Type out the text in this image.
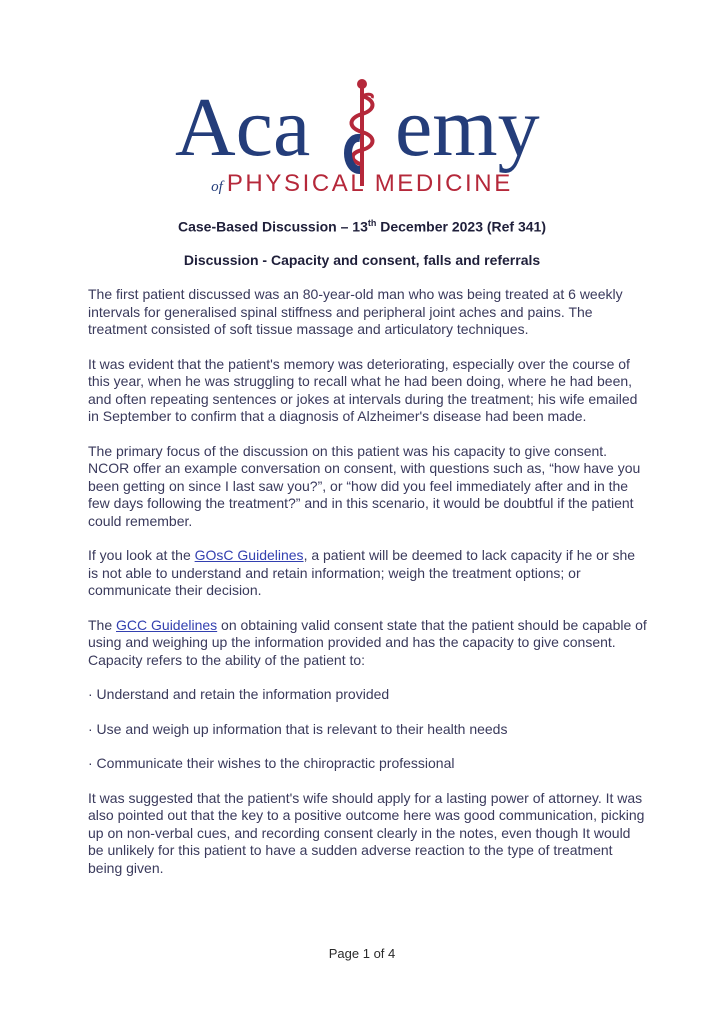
Aca emy
of PHYSICAL MEDICINE
Case-Based Discussion – 13th December 2023 (Ref 341)
Discussion - Capacity and consent, falls and referrals

The first patient discussed was an 80-year-old man who was being treated at 6 weekly intervals for generalised spinal stiffness and peripheral joint aches and pains. The treatment consisted of soft tissue massage and articulatory techniques.

It was evident that the patient's memory was deteriorating, especially over the course of this year, when he was struggling to recall what he had been doing, where he had been, and often repeating sentences or jokes at intervals during the treatment; his wife emailed in September to confirm that a diagnosis of Alzheimer's disease had been made.

The primary focus of the discussion on this patient was his capacity to give consent. NCOR offer an example conversation on consent, with questions such as, “how have you been getting on since I last saw you?”, or “how did you feel immediately after and in the few days following the treatment?” and in this scenario, it would be doubtful if the patient could remember.

If you look at the GOsC Guidelines, a patient will be deemed to lack capacity if he or she is not able to understand and retain information; weigh the treatment options; or communicate their decision.

The GCC Guidelines on obtaining valid consent state that the patient should be capable of using and weighing up the information provided and has the capacity to give consent. Capacity refers to the ability of the patient to:

· Understand and retain the information provided
· Use and weigh up information that is relevant to their health needs
· Communicate their wishes to the chiropractic professional

It was suggested that the patient's wife should apply for a lasting power of attorney. It was also pointed out that the key to a positive outcome here was good communication, picking up on non-verbal cues, and recording consent clearly in the notes, even though It would be unlikely for this patient to have a sudden adverse reaction to the type of treatment being given.

Page 1 of 4
